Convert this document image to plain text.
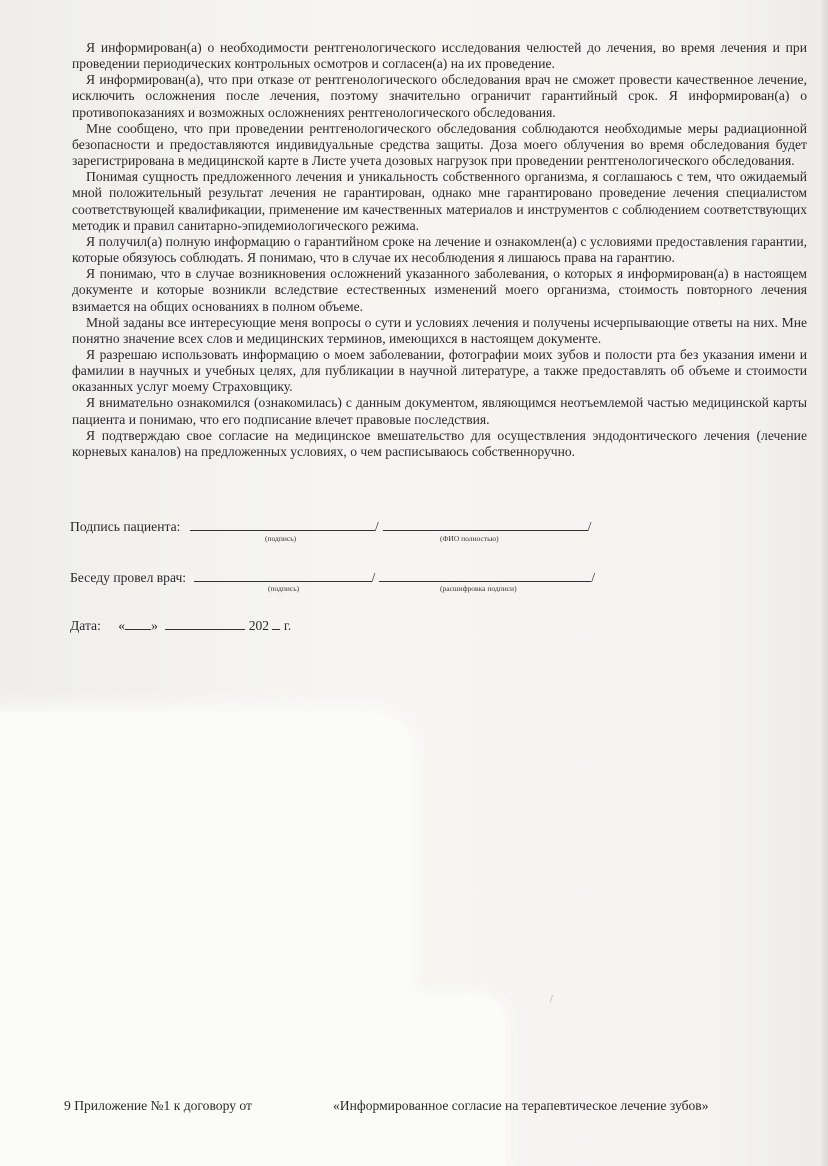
Я информирован(а) о необходимости рентгенологического исследования челюстей до лечения, во время лечения и при проведении периодических контрольных осмотров и согласен(а) на их проведение.

Я информирован(а), что при отказе от рентгенологического обследования врач не сможет провести качественное лечение, исключить осложнения после лечения, поэтому значительно ограничит гарантийный срок. Я информирован(а) о противопоказаниях и возможных осложнениях рентгенологического обследования.

Мне сообщено, что при проведении рентгенологического обследования соблюдаются необходимые меры радиационной безопасности и предоставляются индивидуальные средства защиты. Доза моего облучения во время обследования будет зарегистрирована в медицинской карте в Листе учета дозовых нагрузок при проведении рентгенологического обследования.

Понимая сущность предложенного лечения и уникальность собственного организма, я соглашаюсь с тем, что ожидаемый мной положительный результат лечения не гарантирован, однако мне гарантировано проведение лечения специалистом соответствующей квалификации, применение им качественных материалов и инструментов с соблюдением соответствующих методик и правил санитарно-эпидемиологического режима.

Я получил(а) полную информацию о гарантийном сроке на лечение и ознакомлен(а) с условиями предоставления гарантии, которые обязуюсь соблюдать. Я понимаю, что в случае их несоблюдения я лишаюсь права на гарантию.

Я понимаю, что в случае возникновения осложнений указанного заболевания, о которых я информирован(а) в настоящем документе и которые возникли вследствие естественных изменений моего организма, стоимость повторного лечения взимается на общих основаниях в полном объеме.

Мной заданы все интересующие меня вопросы о сути и условиях лечения и получены исчерпывающие ответы на них. Мне понятно значение всех слов и медицинских терминов, имеющихся в настоящем документе.

Я разрешаю использовать информацию о моем заболевании, фотографии моих зубов и полости рта без указания имени и фамилии в научных и учебных целях, для публикации в научной литературе, а также предоставлять об объеме и стоимости оказанных услуг моему Страховщику.

Я внимательно ознакомился (ознакомилась) с данным документом, являющимся неотъемлемой частью медицинской карты пациента и понимаю, что его подписание влечет правовые последствия.

Я подтверждаю свое согласие на медицинское вмешательство для осуществления эндодонтического лечения (лечение корневых каналов) на предложенных условиях, о чем расписываюсь собственноручно.

Подпись пациента:	/	/
(подпись)	(ФИО полностью)
Беседу провел врач:	/	/
(подпись)	(расшифровка подписи)
Дата: « »	202 г.
/
9 Приложение №1 к договору от	«Информированное согласие на терапевтическое лечение зубов»
